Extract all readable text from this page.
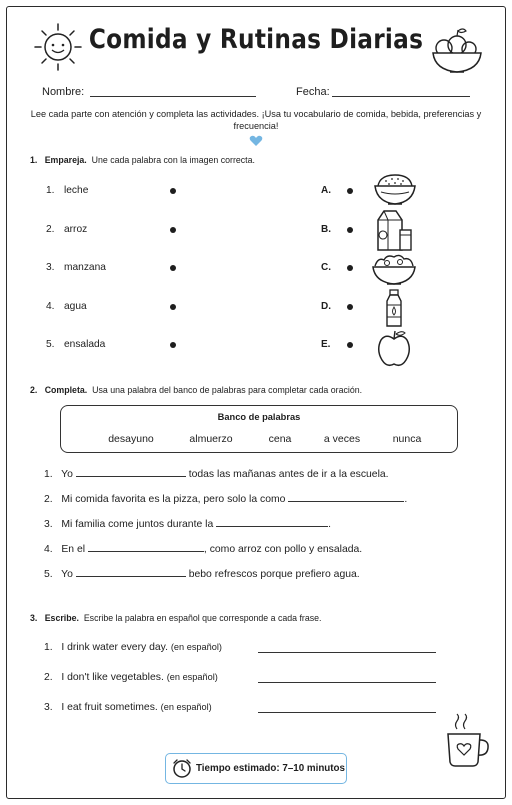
Comida y Rutinas Diarias
Nombre:	Fecha:
Lee cada parte con atención y completa las actividades. ¡Usa tu vocabulario de comida, bebida, preferencias y frecuencia!
1. Empareja. Une cada palabra con la imagen correcta.
1. leche	A.
2. arroz	B.
3. manzana	C.
4. agua	D.
5. ensalada	E.
2. Completa. Usa una palabra del banco de palabras para completar cada oración.
Banco de palabras
desayuno	almuerzo	cena	a veces	nunca
1. Yo	todas las mañanas antes de ir a la escuela.
2. Mi comida favorita es la pizza, pero solo la como	.
3. Mi familia come juntos durante la	.
4. En el	, como arroz con pollo y ensalada.
5. Yo	bebo refrescos porque prefiero agua.
3. Escribe. Escribe la palabra en español que corresponde a cada frase.
1. I drink water every day. (en español)
2. I don't like vegetables. (en español)
3. I eat fruit sometimes. (en español)
Tiempo estimado: 7–10 minutos
